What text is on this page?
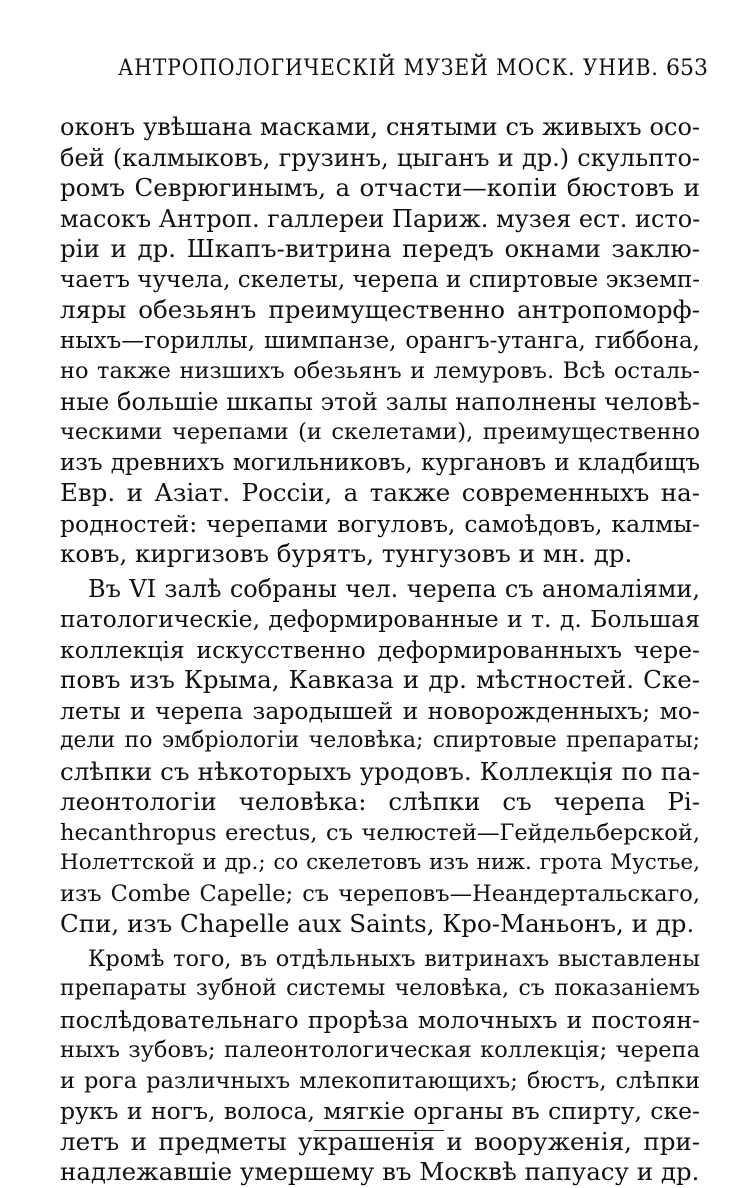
АНТРОПОЛОГИЧЕСКІЙ МУЗЕЙ МОСК. УНИВ. 653
оконъ увѣшана масками, снятыми съ живыхъ осо-
бей (калмыковъ, грузинъ, цыганъ и др.) скульпто-
ромъ Севрюгинымъ, а отчасти—копіи бюстовъ и
масокъ Антроп. галлереи Париж. музея ест. исто-
ріи и др. Шкапъ-витрина передъ окнами заклю-
чаетъ чучела, скелеты, черепа и спиртовые экземп-
ляры обезьянъ преимущественно антропоморф-
ныхъ—гориллы, шимпанзе, орангъ-утанга, гиббона,
но также низшихъ обезьянъ и лемуровъ. Всѣ осталь-
ные большіе шкапы этой залы наполнены человѣ-
ческими черепами (и скелетами), преимущественно
изъ древнихъ могильниковъ, кургановъ и кладбищъ
Евр. и Азіат. Россіи, а также современныхъ на-
родностей: черепами вогуловъ, самоѣдовъ, калмы-
ковъ, киргизовъ бурятъ, тунгузовъ и мн. др.
Въ VI залѣ собраны чел. черепа съ аномаліями,
патологическіе, деформированные и т. д. Большая
коллекція искусственно деформированныхъ чере-
повъ изъ Крыма, Кавказа и др. мѣстностей. Ске-
леты и черепа зародышей и новорожденныхъ; мо-
дели по эмбріологіи человѣка; спиртовые препараты;
слѣпки съ нѣкоторыхъ уродовъ. Коллекція по па-
леонтологіи человѣка: слѣпки съ черепа Pi-
hecanthropus erectus, съ челюстей—Гейдельберской,
Нолеттской и др.; со скелетовъ изъ ниж. грота Мустье,
изъ Combe Capelle; съ череповъ—Неандертальскаго,
Спи, изъ Chapelle aux Saints, Кро-Маньонъ, и др.
Кромѣ того, въ отдѣльныхъ витринахъ выставлены
препараты зубной системы человѣка, съ показаніемъ
послѣдовательнаго прорѣза молочныхъ и постоян-
ныхъ зубовъ; палеонтологическая коллекція; черепа
и рога различныхъ млекопитающихъ; бюстъ, слѣпки
рукъ и ногъ, волоса, мягкіе органы въ спирту, ске-
летъ и предметы украшенія и вооруженія, при-
надлежавшіе умершему въ Москвѣ папуасу и др.
